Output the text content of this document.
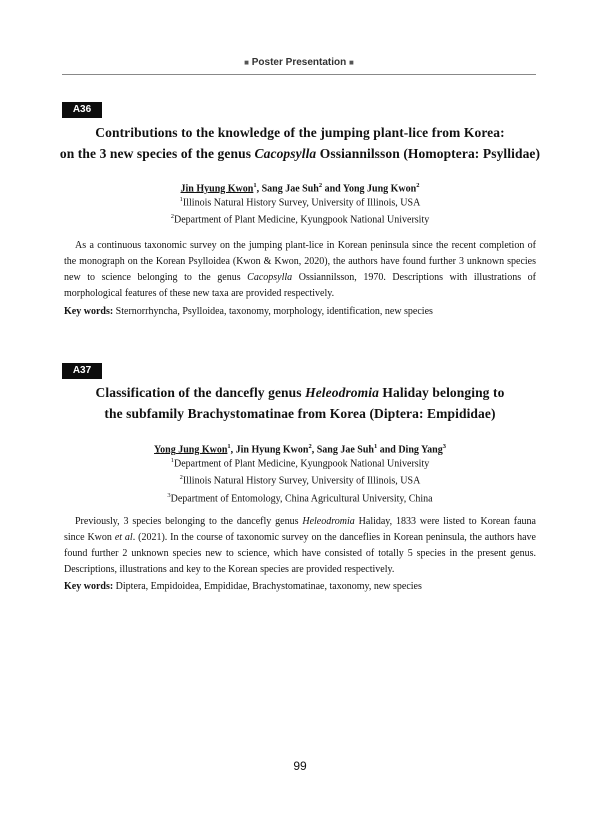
■ Poster Presentation ■
A36
Contributions to the knowledge of the jumping plant-lice from Korea:
on the 3 new species of the genus Cacopsylla Ossiannilsson (Homoptera: Psyllidae)
Jin Hyung Kwon$^1$, Sang Jae Suh$^2$ and Yong Jung Kwon$^2$
$^1$Illinois Natural History Survey, University of Illinois, USA
$^2$Department of Plant Medicine, Kyungpook National University
As a continuous taxonomic survey on the jumping plant-lice in Korean peninsula since the recent completion of the monograph on the Korean Psylloidea (Kwon & Kwon, 2020), the authors have found further 3 unknown species new to science belonging to the genus Cacopsylla Ossiannilsson, 1970. Descriptions with illustrations of morphological features of these new taxa are provided respectively.
Key words: Sternorrhyncha, Psylloidea, taxonomy, morphology, identification, new species
A37
Classification of the dancefly genus Heleodromia Haliday belonging to
the subfamily Brachystomatinae from Korea (Diptera: Empididae)
Yong Jung Kwon$^1$, Jin Hyung Kwon$^2$, Sang Jae Suh$^1$ and Ding Yang$^3$
$^1$Department of Plant Medicine, Kyungpook National University
$^2$Illinois Natural History Survey, University of Illinois, USA
$^3$Department of Entomology, China Agricultural University, China
Previously, 3 species belonging to the dancefly genus Heleodromia Haliday, 1833 were listed to Korean fauna since Kwon et al. (2021). In the course of taxonomic survey on the danceflies in Korean peninsula, the authors have found further 2 unknown species new to science, which have consisted of totally 5 species in the present genus. Descriptions, illustrations and key to the Korean species are provided respectively.
Key words: Diptera, Empidoidea, Empididae, Brachystomatinae, taxonomy, new species
99
